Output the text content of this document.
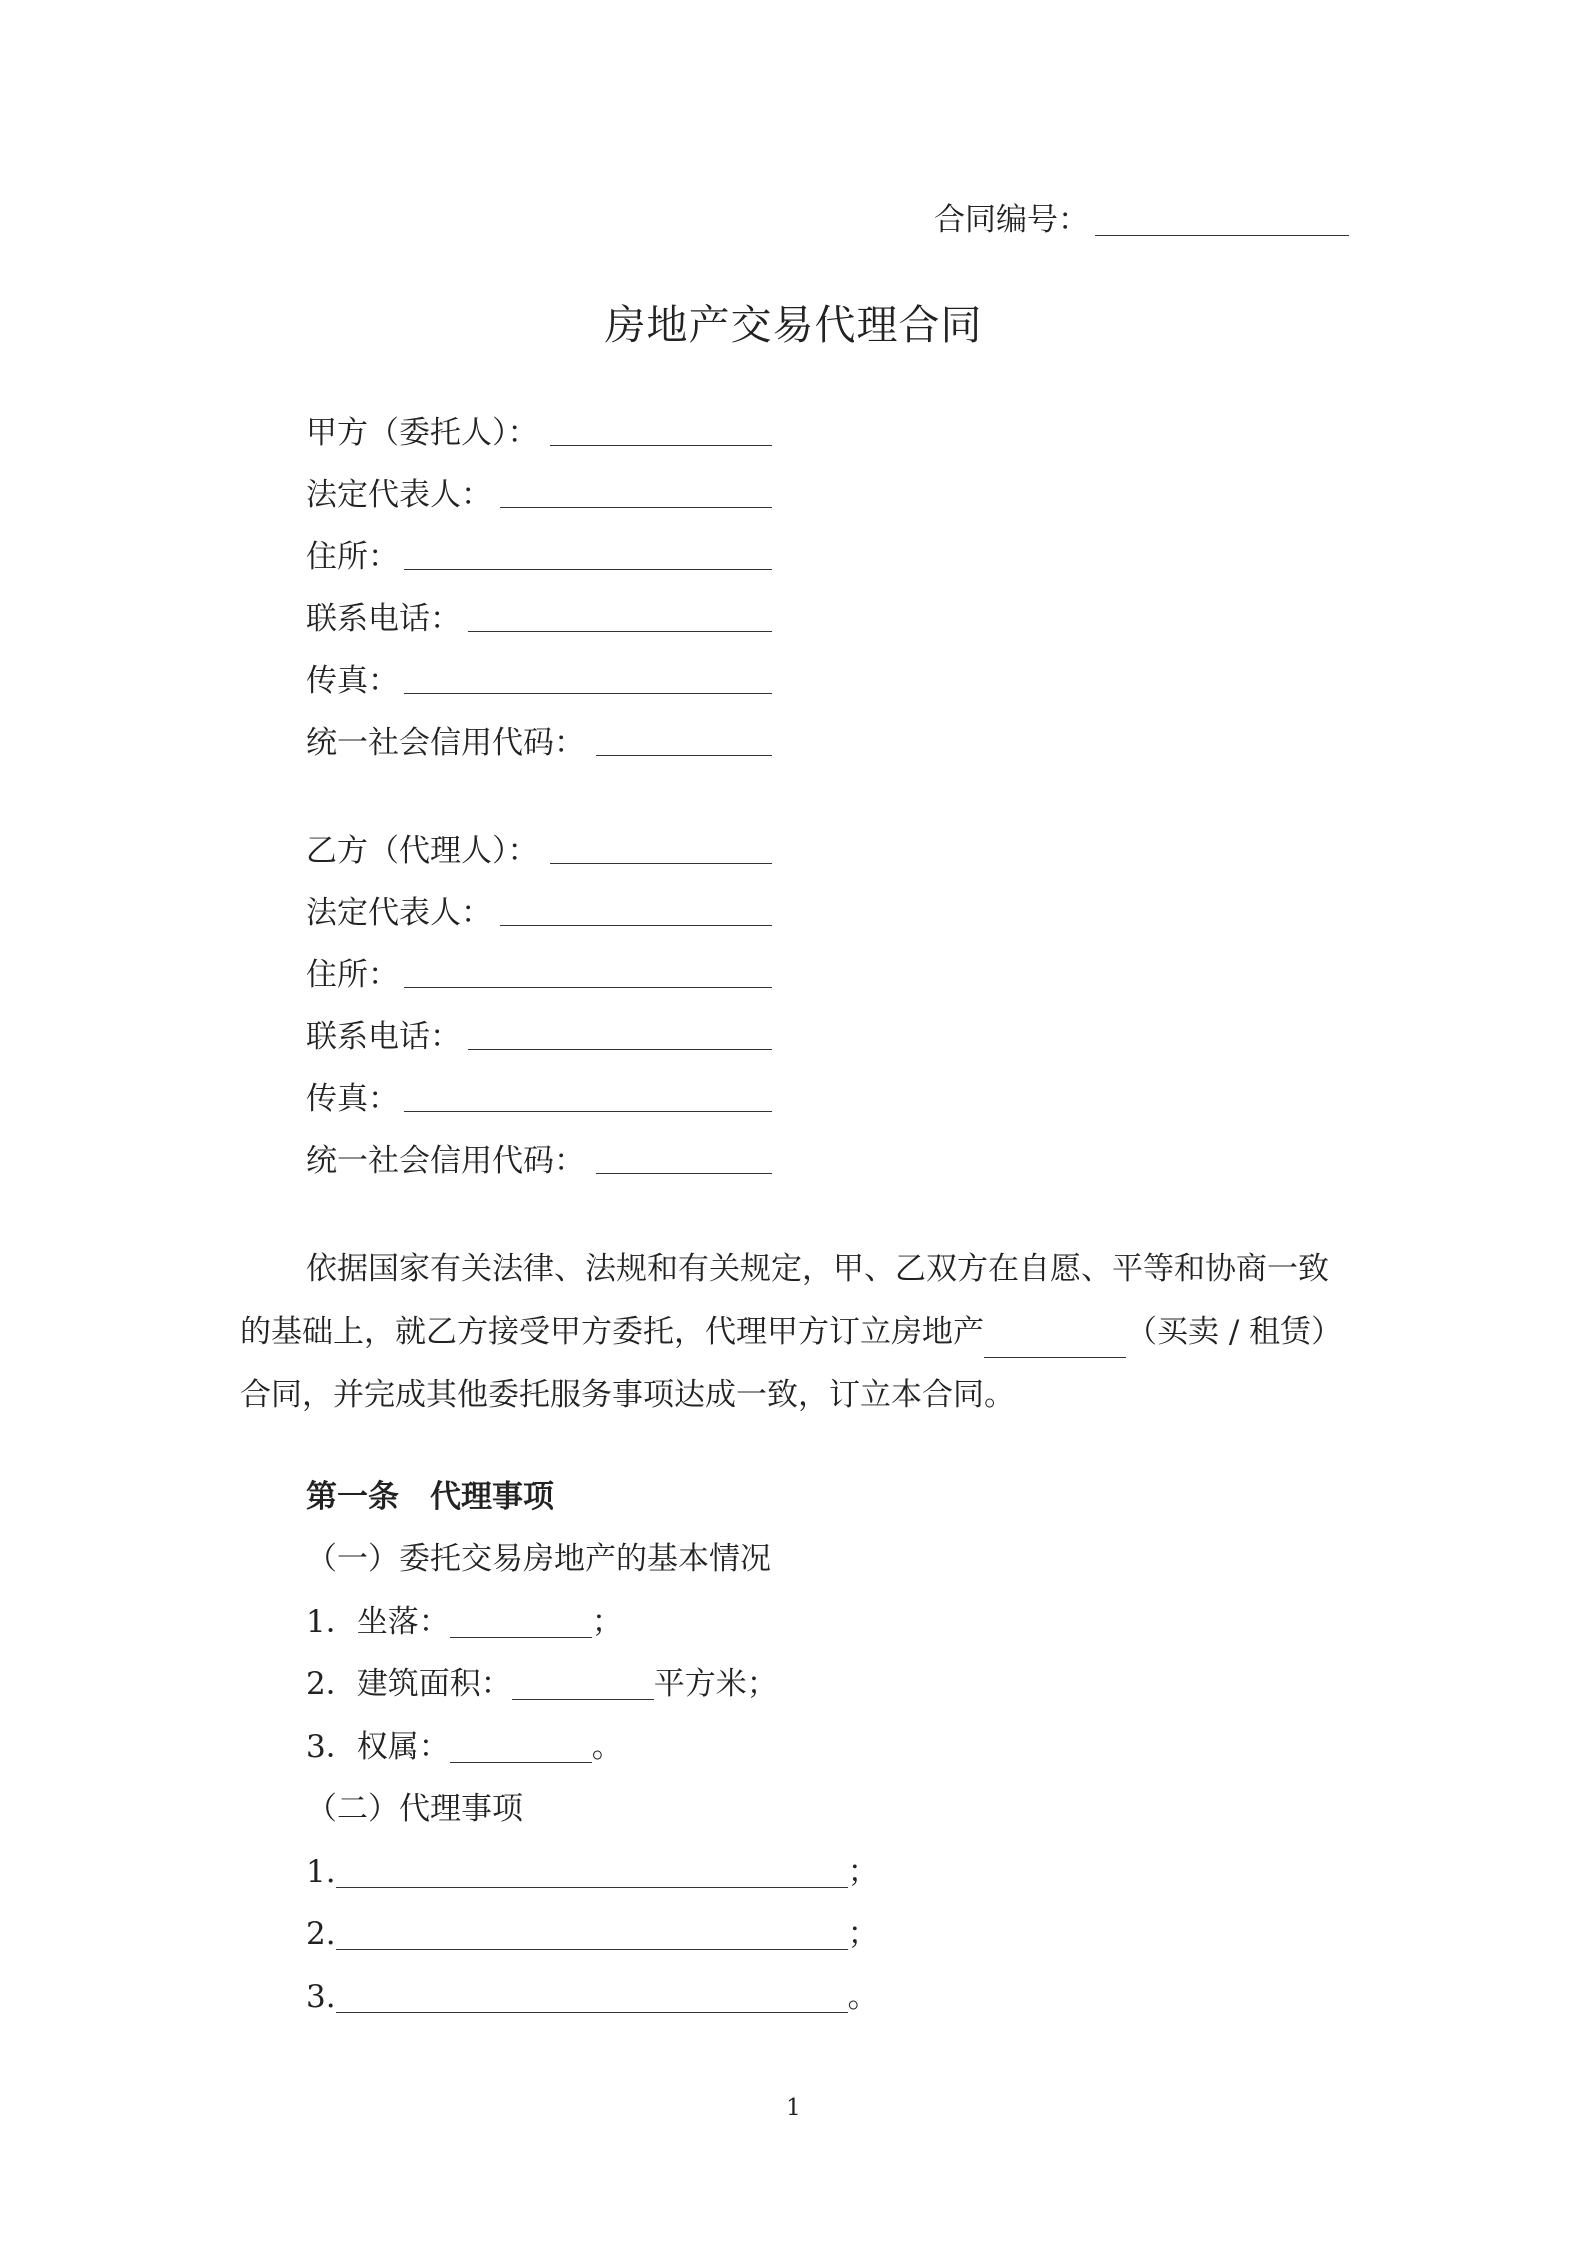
合同编号：
房地产交易代理合同
甲方（委托人）：
法定代表人：
住所：
联系电话：
传真：
统一社会信用代码：
乙方（代理人）：
法定代表人：
住所：
联系电话：
传真：
统一社会信用代码：
依据国家有关法律、法规和有关规定，甲、乙双方在自愿、平等和协商一致
的基础上，就乙方接受甲方委托，代理甲方订立房地产	（买卖 / 租赁）
合同，并完成其他委托服务事项达成一致，订立本合同。
第一条　代理事项
（一）委托交易房地产的基本情况
1．坐落：	；
2．建筑面积：	平方米；
3．权属：	。
（二）代理事项
1.	；
2.	；
3.	。
1
